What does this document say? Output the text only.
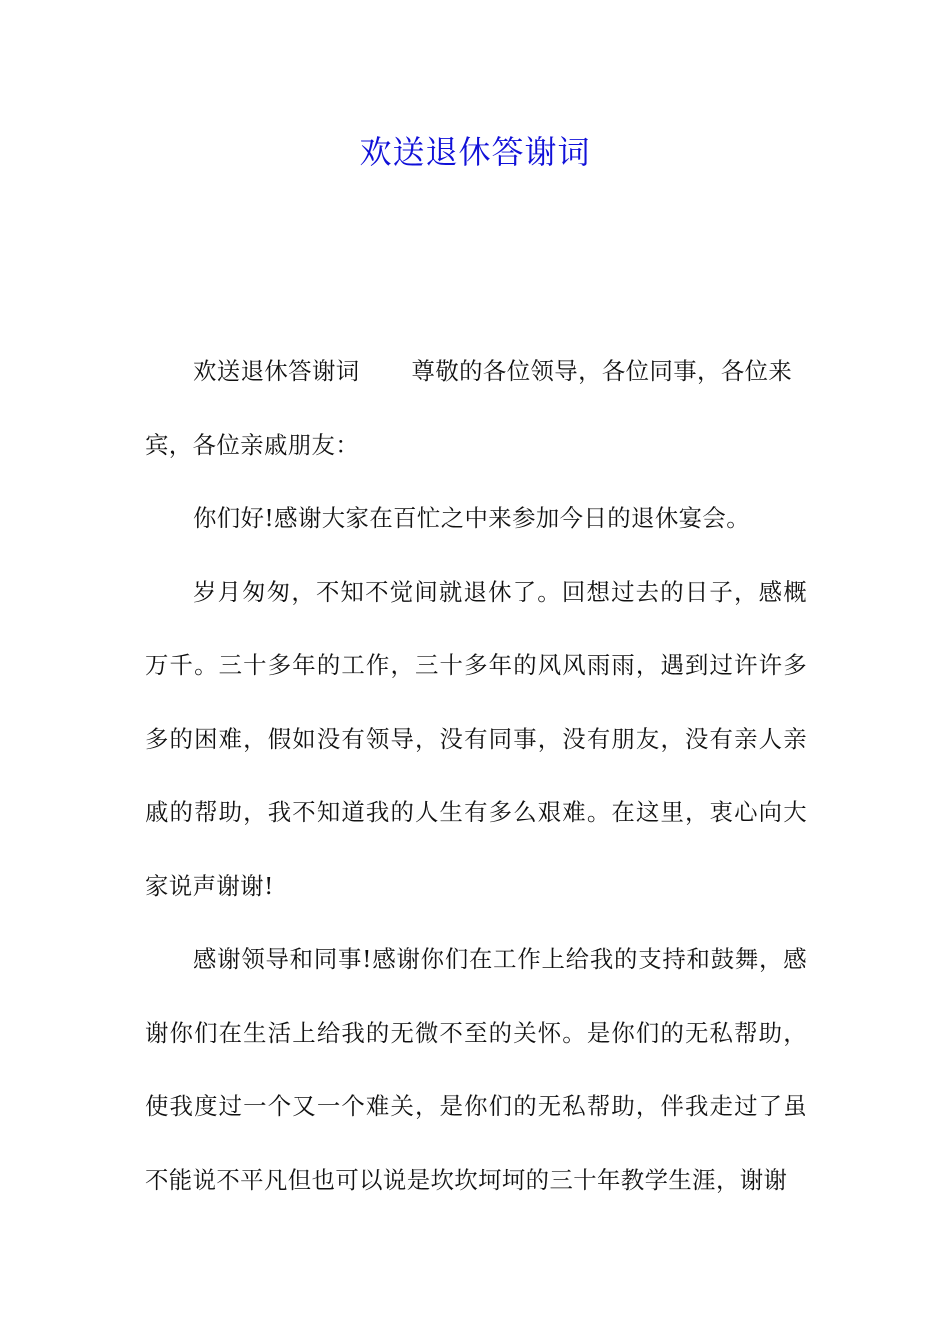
欢送退休答谢词

欢送退休答谢词 尊敬的各位领导，各位同事，各位来宾，各位亲戚朋友：

你们好!感谢大家在百忙之中来参加今日的退休宴会。

岁月匆匆，不知不觉间就退休了。回想过去的日子，感概万千。三十多年的工作，三十多年的风风雨雨，遇到过许许多多的困难，假如没有领导，没有同事，没有朋友，没有亲人亲戚的帮助，我不知道我的人生有多么艰难。在这里，衷心向大家说声谢谢!

感谢领导和同事!感谢你们在工作上给我的支持和鼓舞，感谢你们在生活上给我的无微不至的关怀。是你们的无私帮助，使我度过一个又一个难关，是你们的无私帮助，伴我走过了虽不能说不平凡但也可以说是坎坎坷坷的三十年教学生涯，谢谢
